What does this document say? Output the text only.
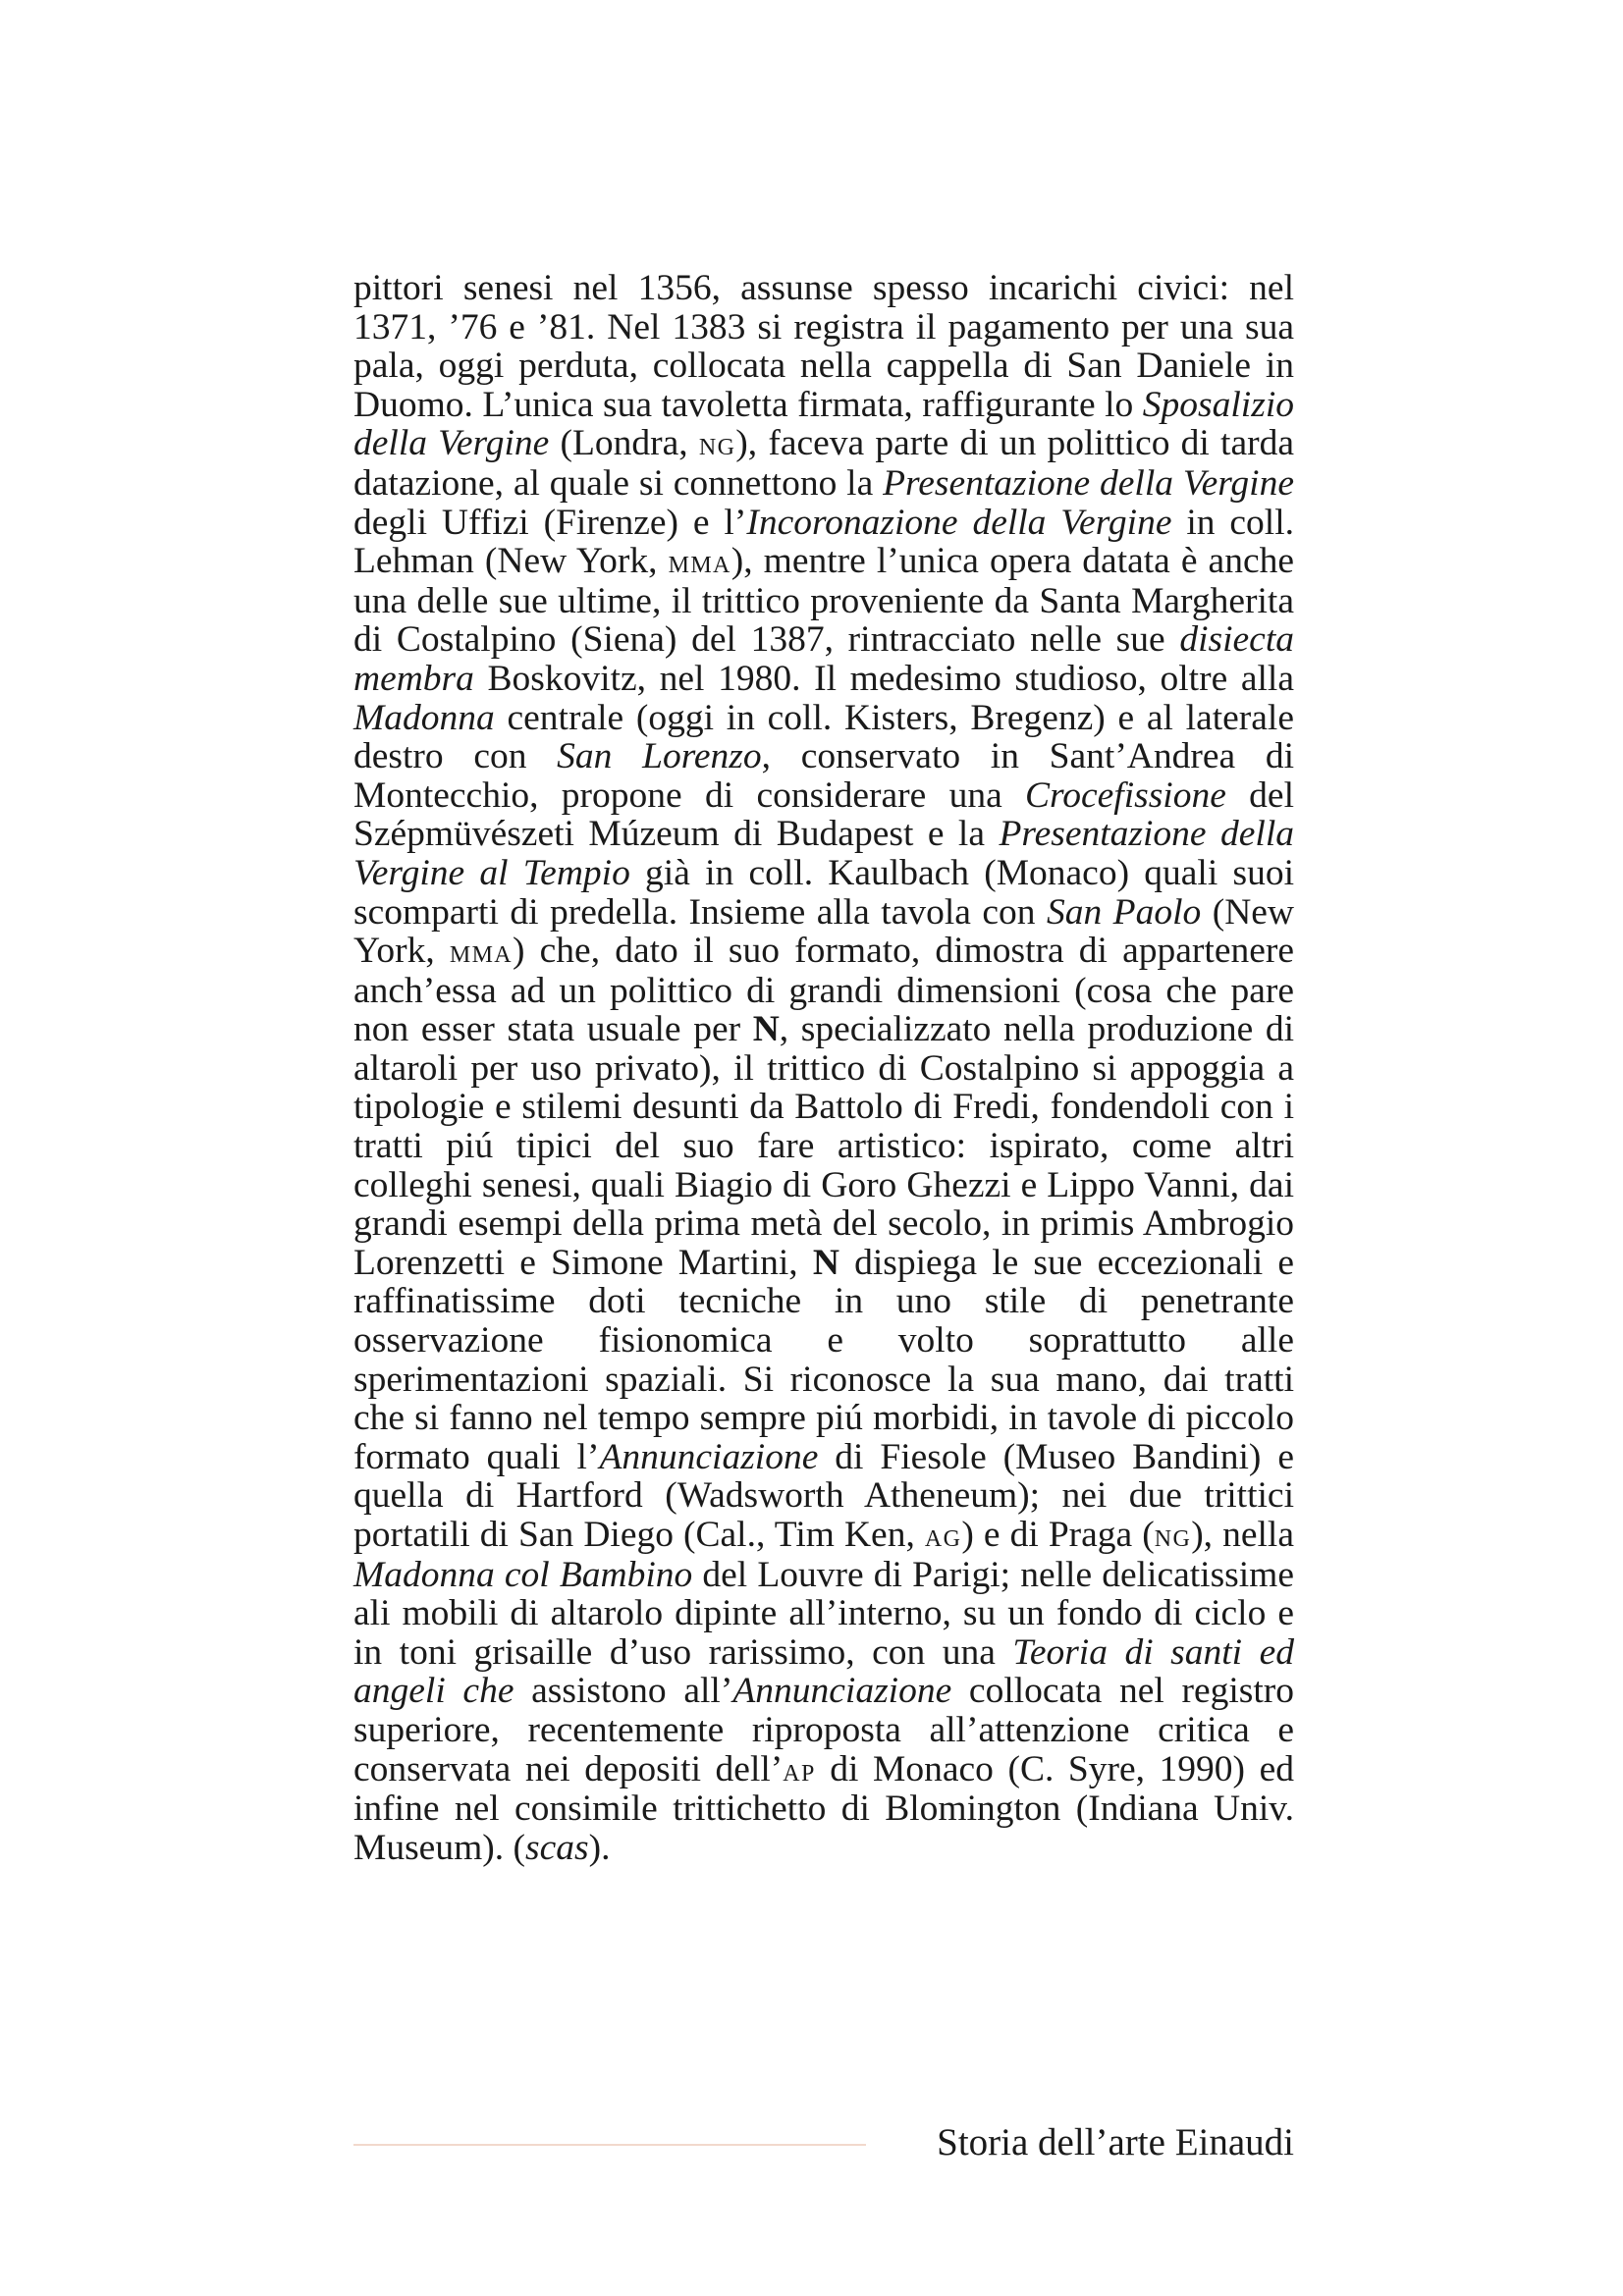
pittori senesi nel 1356, assunse spesso incarichi civici: nel 1371, ’76 e ’81. Nel 1383 si registra il pagamento per una sua pala, oggi perduta, collocata nella cappella di San Daniele in Duomo. L’unica sua tavoletta firmata, raffigurante lo Sposalizio della Vergine (Londra, ng), faceva parte di un polittico di tarda datazione, al quale si connettono la Presentazione della Vergine degli Uffizi (Firenze) e l’Incoronazione della Vergine in coll. Lehman (New York, mma), mentre l’unica opera datata è anche una delle sue ultime, il trittico proveniente da Santa Margherita di Costalpino (Siena) del 1387, rintracciato nelle sue disiecta membra Boskovitz, nel 1980. Il medesimo studioso, oltre alla Madonna centrale (oggi in coll. Kisters, Bregenz) e al laterale destro con San Lorenzo, conservato in Sant’Andrea di Montecchio, propone di considerare una Crocefissione del Szépmüvészeti Múzeum di Budapest e la Presentazione della Vergine al Tempio già in coll. Kaulbach (Monaco) quali suoi scomparti di predella. Insieme alla tavola con San Paolo (New York, mma) che, dato il suo formato, dimostra di appartenere anch’essa ad un polittico di grandi dimensioni (cosa che pare non esser stata usuale per N, specializzato nella produzione di altaroli per uso privato), il trittico di Costalpino si appoggia a tipologie e stilemi desunti da Battolo di Fredi, fondendoli con i tratti piú tipici del suo fare artistico: ispirato, come altri colleghi senesi, quali Biagio di Goro Ghezzi e Lippo Vanni, dai grandi esempi della prima metà del secolo, in primis Ambrogio Lorenzetti e Simone Martini, N dispiega le sue eccezionali e raffinatissime doti tecniche in uno stile di penetrante osservazione fisionomica e volto soprattutto alle sperimentazioni spaziali. Si riconosce la sua mano, dai tratti che si fanno nel tempo sempre piú morbidi, in tavole di piccolo formato quali l’Annunciazione di Fiesole (Museo Bandini) e quella di Hartford (Wadsworth Atheneum); nei due trittici portatili di San Diego (Cal., Tim Ken, ag) e di Praga (ng), nella Madonna col Bambino del Louvre di Parigi; nelle delicatissime ali mobili di altarolo dipinte all’interno, su un fondo di ciclo e in toni grisaille d’uso rarissimo, con una Teoria di santi ed angeli che assistono all’Annunciazione collocata nel registro superiore, recentemente riproposta all’attenzione critica e conservata nei depositi dell’ap di Monaco (C. Syre, 1990) ed infine nel consimile trittichetto di Blomington (Indiana Univ. Museum). (scas).

Storia dell’arte Einaudi
